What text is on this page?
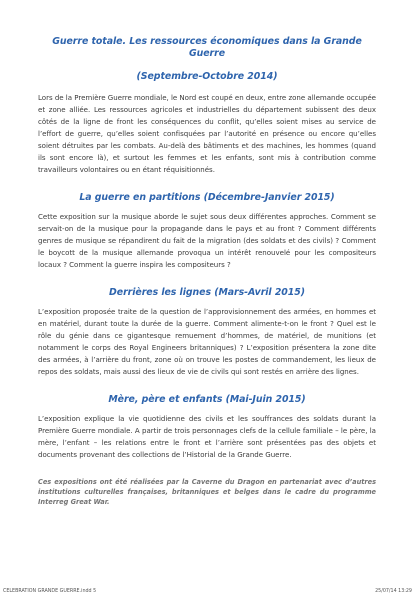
Guerre totale. Les ressources économiques dans la Grande Guerre
(Septembre-Octobre 2014)

Lors de la Première Guerre mondiale, le Nord est coupé en deux, entre zone allemande occupée et zone alliée. Les ressources agricoles et industrielles du département subissent des deux côtés de la ligne de front les conséquences du conflit, qu’elles soient mises au service de l’effort de guerre, qu’elles soient confisquées par l’autorité en présence ou encore qu’elles soient détruites par les combats. Au-delà des bâtiments et des machines, les hommes (quand ils sont encore là), et surtout les femmes et les enfants, sont mis à contribution comme travailleurs volontaires ou en étant réquisitionnés.

La guerre en partitions (Décembre-Janvier 2015)

Cette exposition sur la musique aborde le sujet sous deux différentes approches. Comment se servait-on de la musique pour la propagande dans le pays et au front ? Comment différents genres de musique se répandirent du fait de la migration (des soldats et des civils) ? Comment le boycott de la musique allemande provoqua un intérêt renouvelé pour les compositeurs locaux ? Comment la guerre inspira les compositeurs ?

Derrières les lignes (Mars-Avril 2015)

L’exposition proposée traite de la question de l’approvisionnement des armées, en hommes et en matériel, durant toute la durée de la guerre. Comment alimente-t-on le front ? Quel est le rôle du génie dans ce gigantesque remuement d’hommes, de matériel, de munitions (et notamment le corps des Royal Engineers britanniques) ? L’exposition présentera la zone dite des armées, à l’arrière du front, zone où on trouve les postes de commandement, les lieux de repos des soldats, mais aussi des lieux de vie de civils qui sont restés en arrière des lignes.

Mère, père et enfants (Mai-Juin 2015)

L’exposition explique la vie quotidienne des civils et les souffrances des soldats durant la Première Guerre mondiale. A partir de trois personnages clefs de la cellule familiale – le père, la mère, l’enfant – les relations entre le front et l’arrière sont présentées pas des objets et documents provenant des collections de l’Historial de la Grande Guerre.

Ces expositions ont été réalisées par la Caverne du Dragon en partenariat avec d’autres institutions culturelles françaises, britanniques et belges dans le cadre du programme Interreg Great War.

CELEBRATION GRANDE GUERRE.indd 5	25/07/14 13:29
